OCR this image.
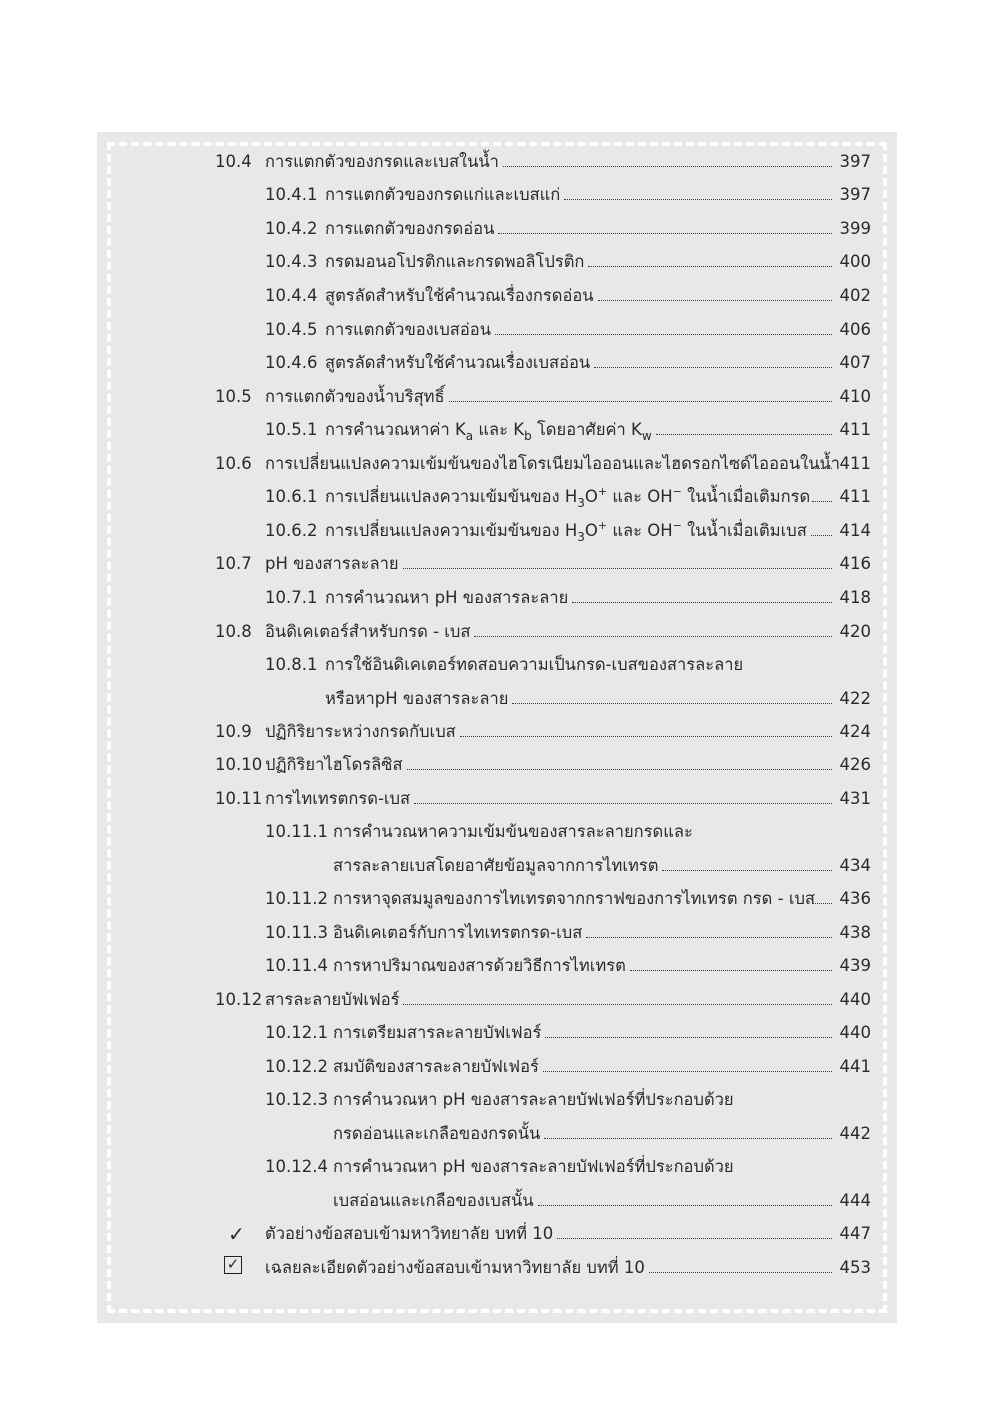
10.4 การแตกตัวของกรดและเบสในน้ำ	397
10.4.1 การแตกตัวของกรดแก่และเบสแก่	397
10.4.2 การแตกตัวของกรดอ่อน	399
10.4.3 กรดมอนอโปรติกและกรดพอลิโปรติก	400
10.4.4 สูตรลัดสำหรับใช้คำนวณเรื่องกรดอ่อน	402
10.4.5 การแตกตัวของเบสอ่อน	406
10.4.6 สูตรลัดสำหรับใช้คำนวณเรื่องเบสอ่อน	407
10.5 การแตกตัวของน้ำบริสุทธิ์	410
10.5.1 การคำนวณหาค่า $K_a$ และ $K_b$ โดยอาศัยค่า $K_w$	411
10.6 การเปลี่ยนแปลงความเข้มข้นของไฮโดรเนียมไอออนและไฮดรอกไซด์ไอออนในน้ำ 411
10.6.1 การเปลี่ยนแปลงความเข้มข้นของ $H_3O^+$ และ OH− ในน้ำเมื่อเติมกรด	411
10.6.2 การเปลี่ยนแปลงความเข้มข้นของ $H_3O^+$ และ OH− ในน้ำเมื่อเติมเบส	414
10.7 pH ของสารละลาย	416
10.7.1 การคำนวณหา pH ของสารละลาย	418
10.8 อินดิเคเตอร์สำหรับกรด - เบส	420
10.8.1 การใช้อินดิเคเตอร์ทดสอบความเป็นกรด-เบสของสารละลาย
หรือหาpH ของสารละลาย	422
10.9 ปฏิกิริยาระหว่างกรดกับเบส	424
10.10 ปฏิกิริยาไฮโดรลิซิส	426
10.11 การไทเทรตกรด-เบส	431
10.11.1 การคำนวณหาความเข้มข้นของสารละลายกรดและ
สารละลายเบสโดยอาศัยข้อมูลจากการไทเทรต	434
10.11.2 การหาจุดสมมูลของการไทเทรตจากกราฟของการไทเทรต กรด - เบส	436
10.11.3 อินดิเคเตอร์กับการไทเทรตกรด-เบส	438
10.11.4 การหาปริมาณของสารด้วยวิธีการไทเทรต	439
10.12 สารละลายบัฟเฟอร์	440
10.12.1 การเตรียมสารละลายบัฟเฟอร์	440
10.12.2 สมบัติของสารละลายบัฟเฟอร์	441
10.12.3 การคำนวณหา pH ของสารละลายบัฟเฟอร์ที่ประกอบด้วย
กรดอ่อนและเกลือของกรดนั้น	442
10.12.4 การคำนวณหา pH ของสารละลายบัฟเฟอร์ที่ประกอบด้วย
เบสอ่อนและเกลือของเบสนั้น	444
✓ ตัวอย่างข้อสอบเข้ามหาวิทยาลัย บทที่ 10	447
✓ เฉลยละเอียดตัวอย่างข้อสอบเข้ามหาวิทยาลัย บทที่ 10	453
